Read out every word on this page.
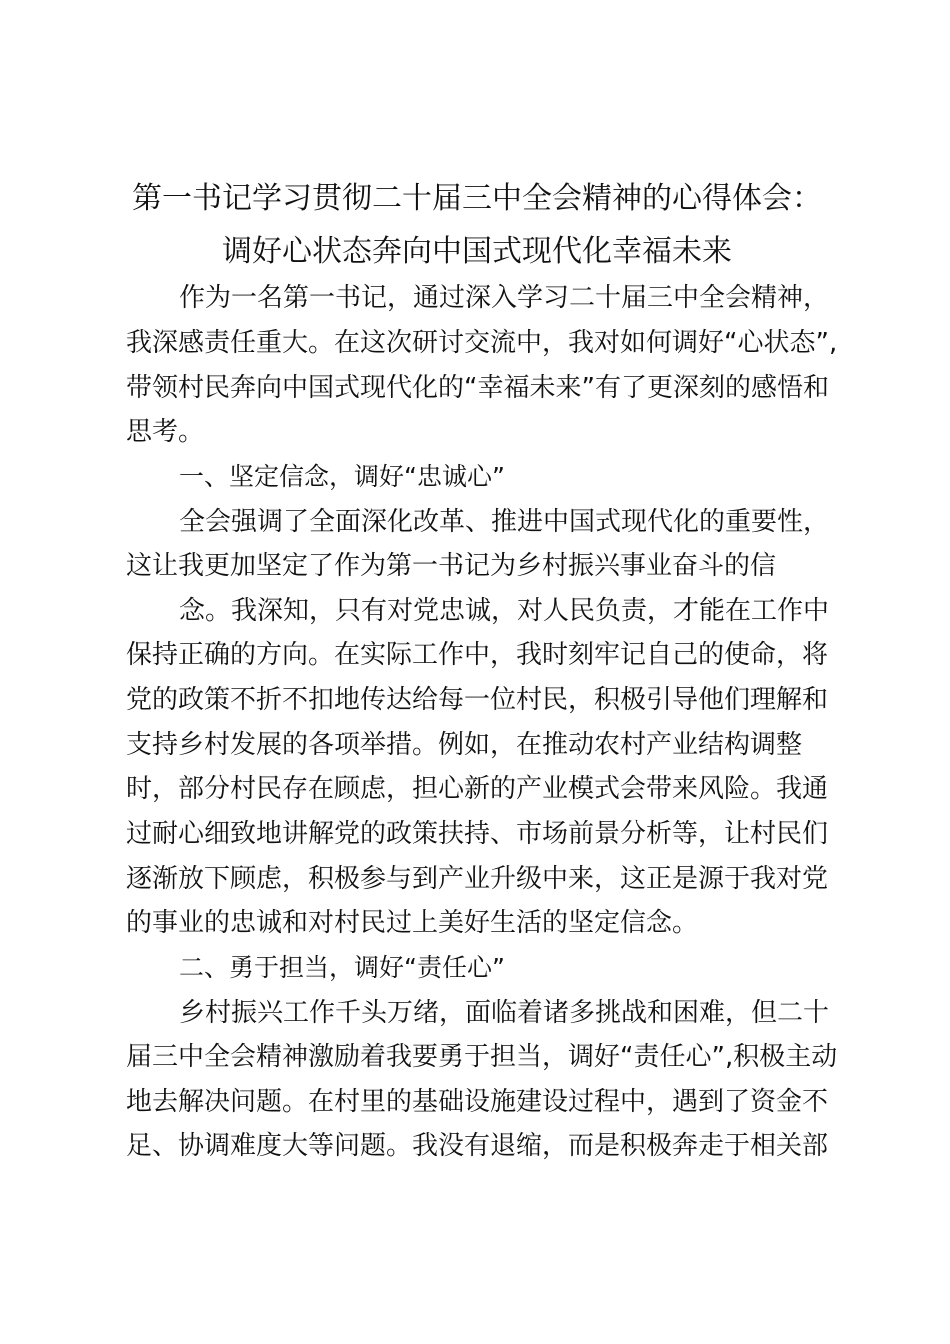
第一书记学习贯彻二十届三中全会精神的心得体会：调好心状态奔向中国式现代化幸福未来

作为一名第一书记，通过深入学习二十届三中全会精神，

我深感责任重大。在这次研讨交流中，我对如何调好“心状态”,

带领村民奔向中国式现代化的“幸福未来”有了更深刻的感悟和

思考。

一、坚定信念，调好“忠诚心”

全会强调了全面深化改革、推进中国式现代化的重要性，

这让我更加坚定了作为第一书记为乡村振兴事业奋斗的信

念。我深知，只有对党忠诚，对人民负责，才能在工作中

保持正确的方向。在实际工作中，我时刻牢记自己的使命，将

党的政策不折不扣地传达给每一位村民，积极引导他们理解和

支持乡村发展的各项举措。例如，在推动农村产业结构调整

时，部分村民存在顾虑，担心新的产业模式会带来风险。我通

过耐心细致地讲解党的政策扶持、市场前景分析等，让村民们

逐渐放下顾虑，积极参与到产业升级中来，这正是源于我对党

的事业的忠诚和对村民过上美好生活的坚定信念。

二、勇于担当，调好“责任心”

乡村振兴工作千头万绪，面临着诸多挑战和困难，但二十

届三中全会精神激励着我要勇于担当，调好“责任心”,积极主动

地去解决问题。在村里的基础设施建设过程中，遇到了资金不

足、协调难度大等问题。我没有退缩，而是积极奔走于相关部
